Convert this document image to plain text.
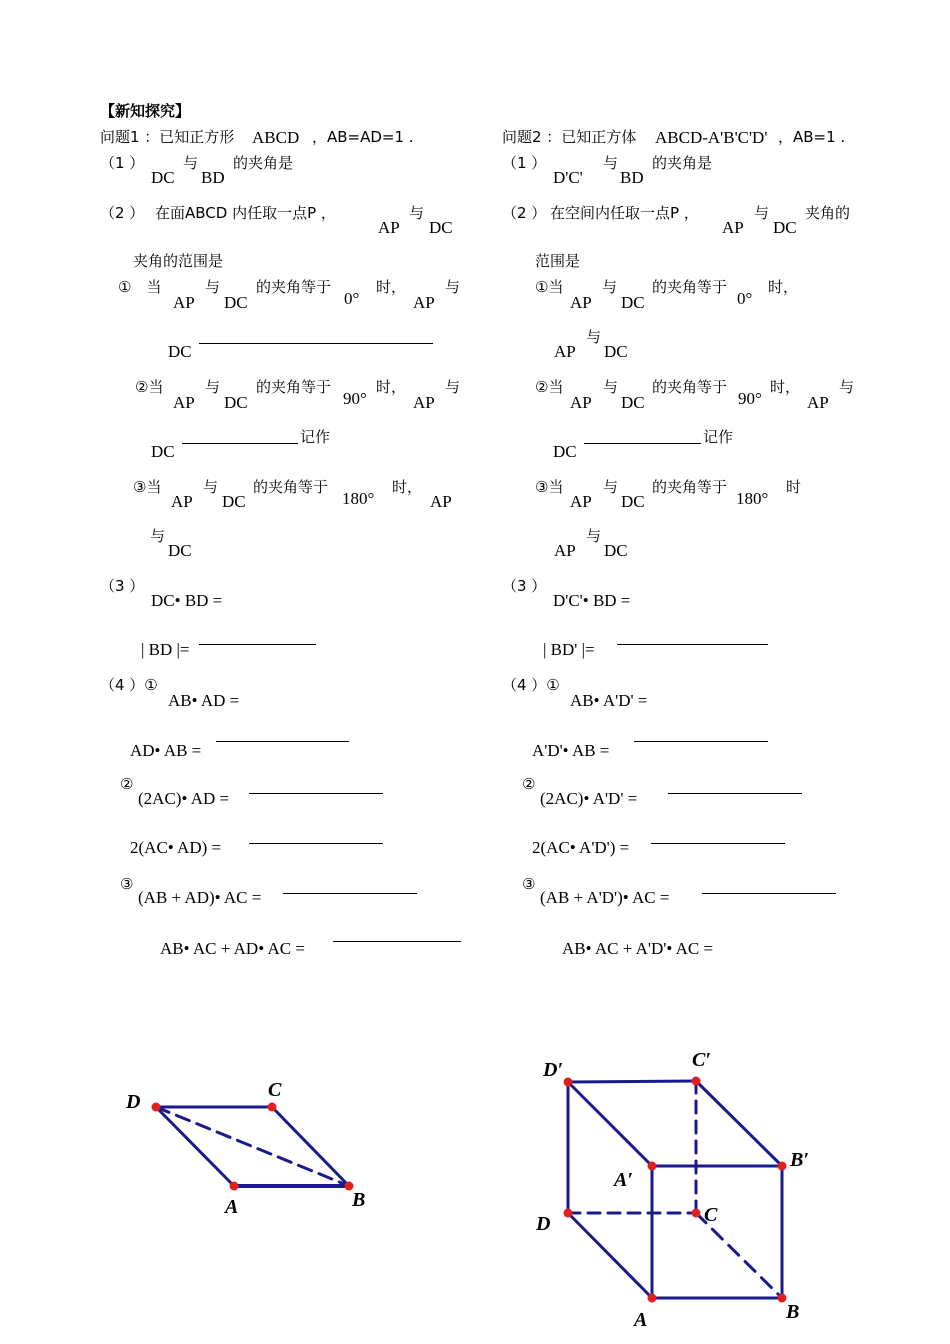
【新知探究】
问题1 ：已知正方形 ABCD ，AB=AD=1 .
（1 ）
DC
与
BD
的夹角是
（2 ） 在面ABCD 内任取一点P ，
AP
与
DC
夹角的范围是
①　当
AP
与
DC
的夹角等于
0°
时，
AP
与
DC
②当
AP
与
DC
的夹角等于
90°
时，
AP
与
DC
记作
③当
AP
与
DC
的夹角等于
180°
时，
AP
与
DC
（3 ）
DC• BD =
| BD |=
（4 ）①
AB• AD =
AD• AB =
②
(2AC)• AD =
2(AC• AD) =
③
(AB + AD)• AC =
AB• AC + AD• AC =
问题2 ：已知正方体 ABCD-A'B'C'D' ，AB=1 .
（1 ）
D'C'
与
BD
的夹角是
（2 ） 在空间内任取一点P ，
AP
与
DC
夹角的
范围是
①当
AP
与
DC
的夹角等于
0°
时，
与
AP DC
②当
AP
与
DC
的夹角等于
90°
时，
AP
与
DC
记作
③当
AP
与
DC
的夹角等于
180°
时
与
AP DC
（3 ）
D'C'• BD =
| BD' |=
（4 ）①
AB• A'D' =
A'D'• AB =
②
(2AC)• A'D' =
2(AC• A'D') =
③
(AB + A'D')• AC =
AB• AC + A'D'• AC =
D
C
A	B
D′	C′
A′
B′
D	C
A	B
